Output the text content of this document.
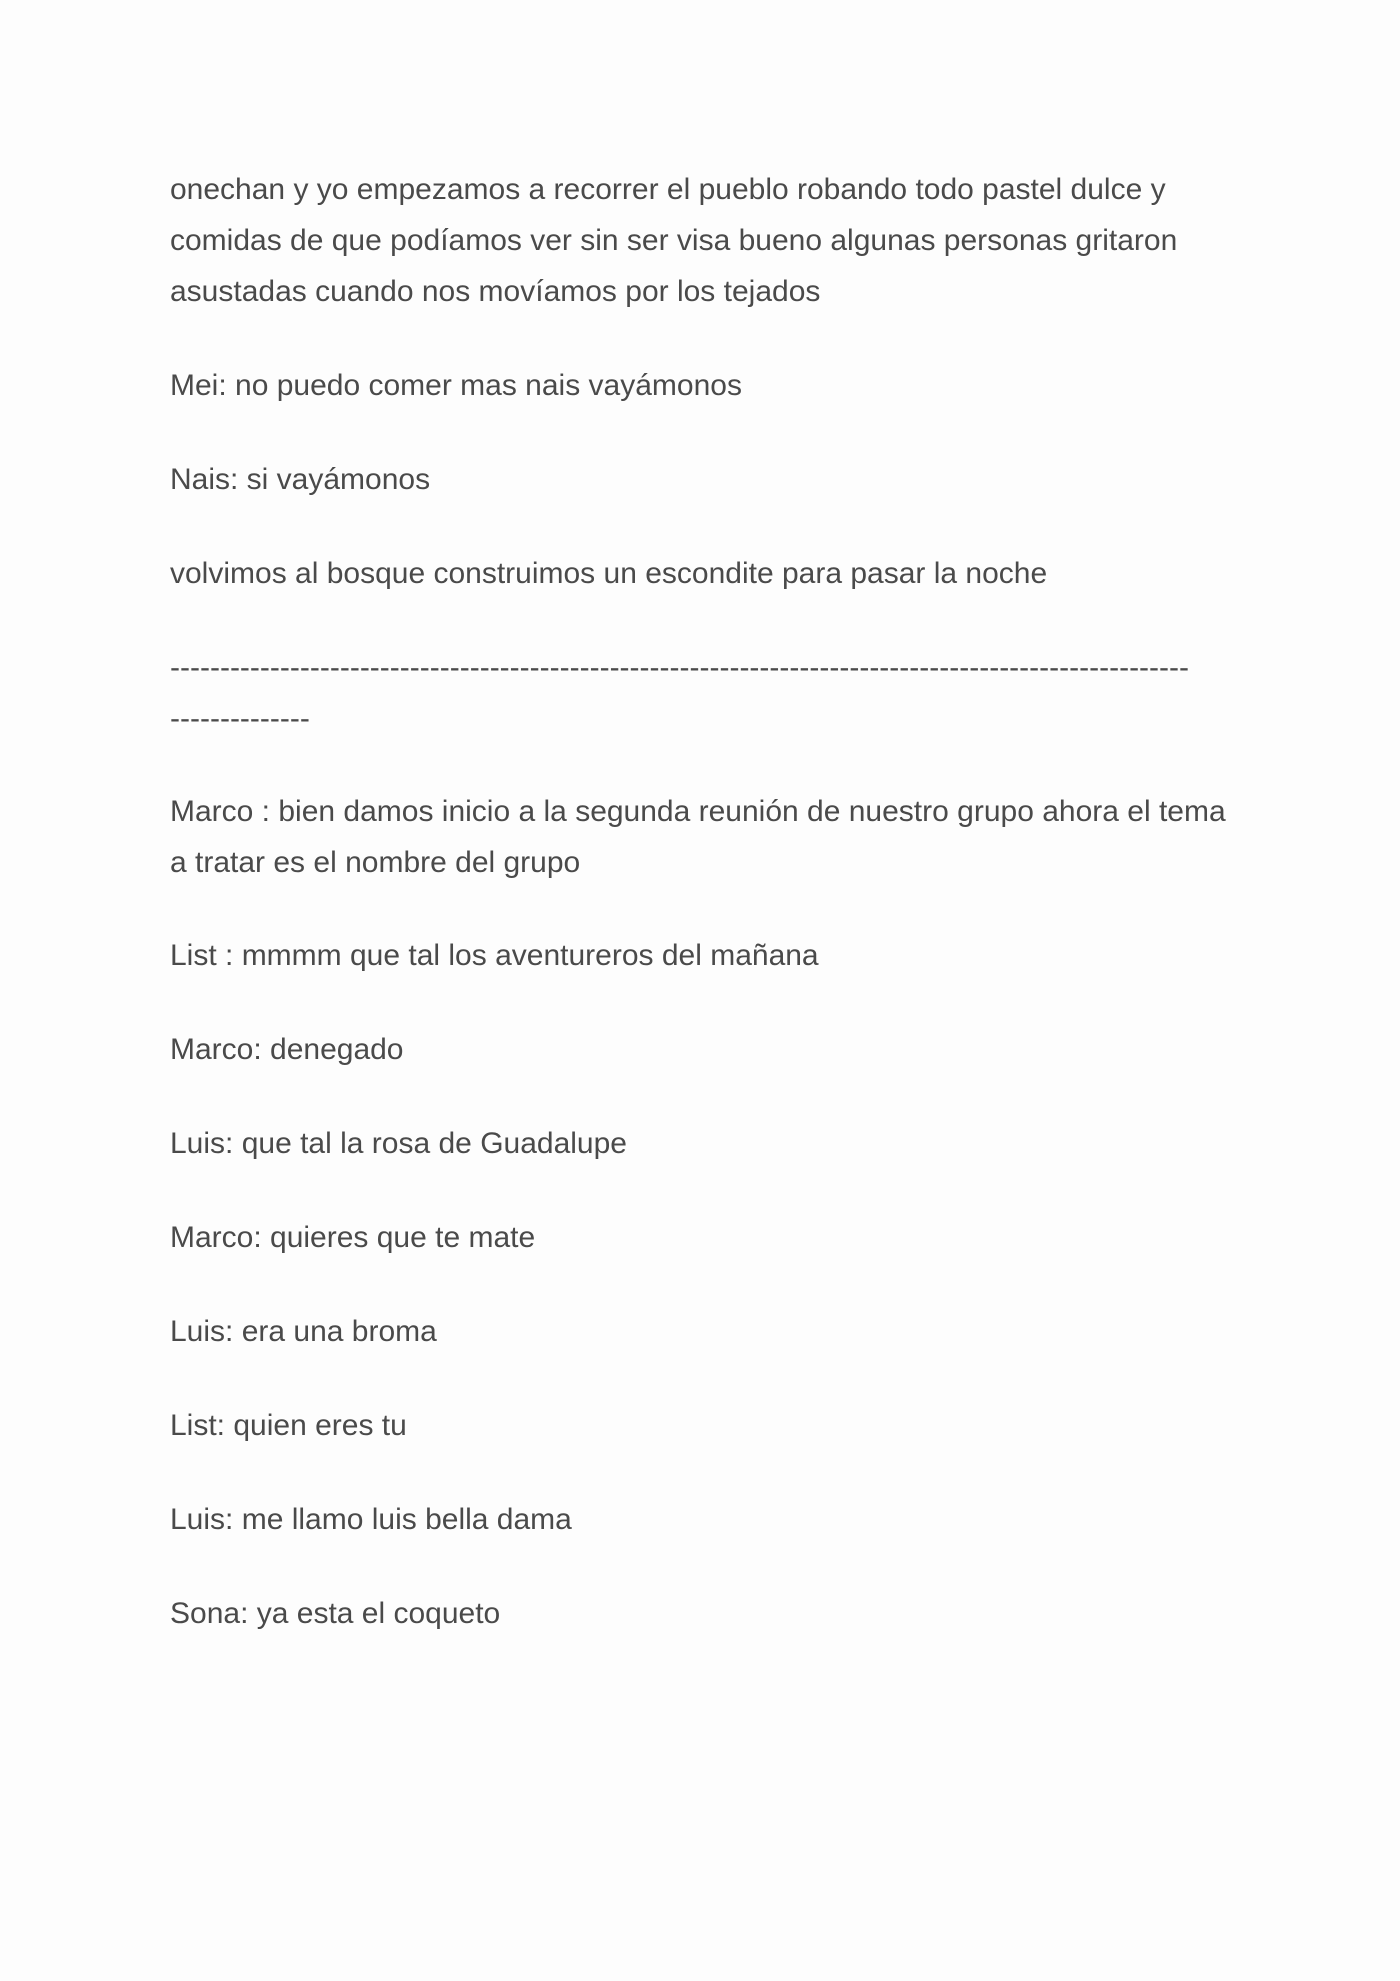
onechan y yo empezamos a recorrer el pueblo robando todo pastel dulce y comidas de que podíamos ver sin ser visa bueno algunas personas gritaron asustadas cuando nos movíamos por los tejados

Mei: no puedo comer mas nais vayámonos

Nais: si vayámonos

volvimos al bosque construimos un escondite para pasar la noche

------------------------------------------------------------------------------------------------------

--------------

Marco : bien damos inicio a la segunda reunión de nuestro grupo ahora el tema a tratar es el nombre del grupo

List : mmmm que tal los aventureros del mañana

Marco: denegado

Luis: que tal la rosa de Guadalupe

Marco: quieres que te mate

Luis: era una broma

List: quien eres tu

Luis: me llamo luis bella dama

Sona: ya esta el coqueto
